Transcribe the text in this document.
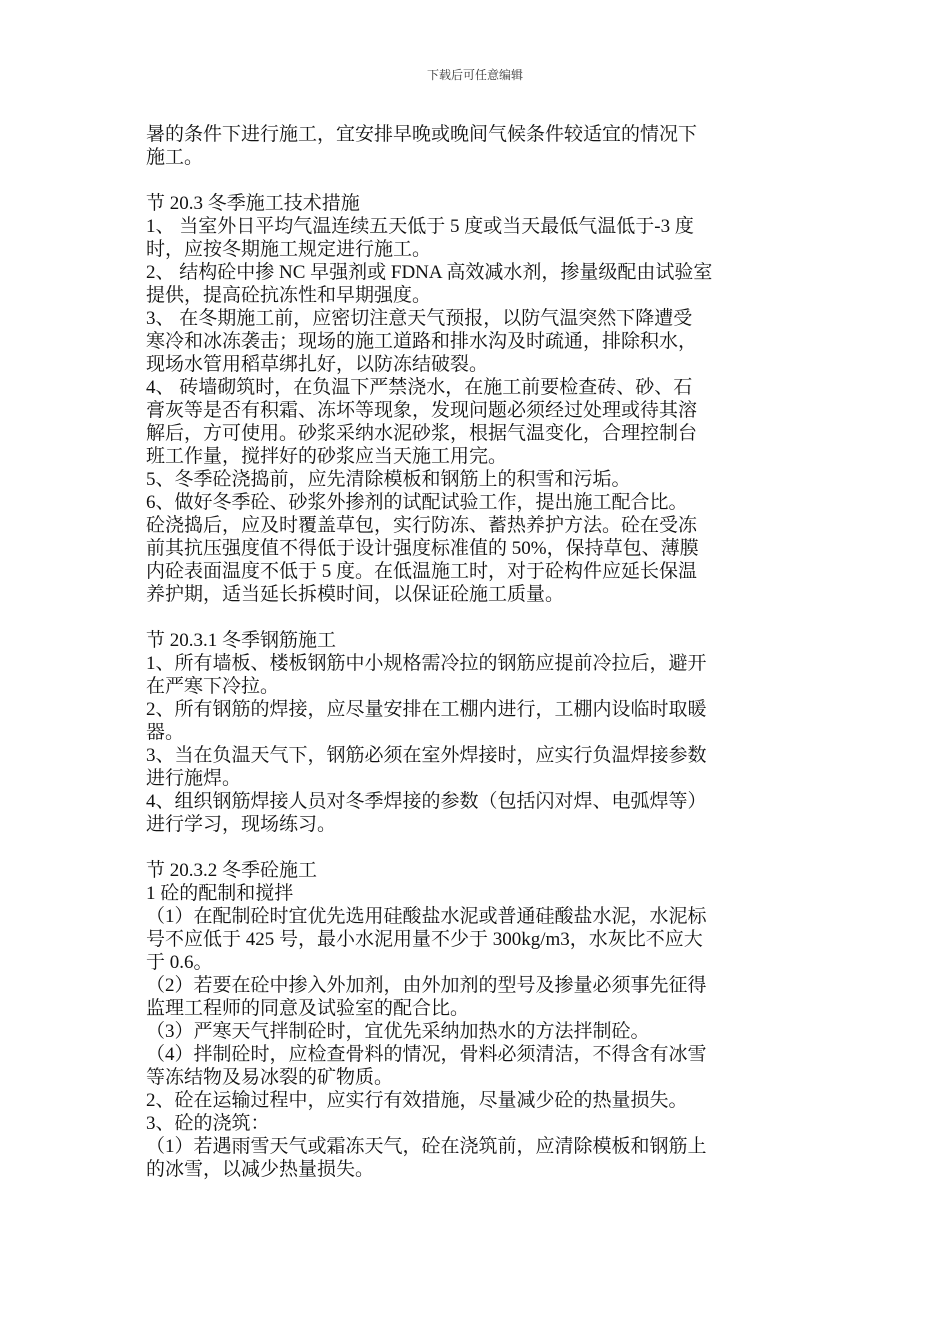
下载后可任意编辑
暑的条件下进行施工，宜安排早晚或晚间气候条件较适宜的情况下
施工。
节 20.3 冬季施工技术措施
1、 当室外日平均气温连续五天低于 5 度或当天最低气温低于-3 度
时，应按冬期施工规定进行施工。
2、 结构砼中掺 NC 早强剂或 FDNA 高效减水剂，掺量级配由试验室
提供，提高砼抗冻性和早期强度。
3、 在冬期施工前，应密切注意天气预报，以防气温突然下降遭受
寒冷和冰冻袭击；现场的施工道路和排水沟及时疏通，排除积水，
现场水管用稻草绑扎好，以防冻结破裂。
4、 砖墙砌筑时，在负温下严禁浇水，在施工前要检查砖、砂、石
膏灰等是否有积霜、冻坏等现象，发现问题必须经过处理或待其溶
解后，方可使用。砂浆采纳水泥砂浆，根据气温变化，合理控制台
班工作量，搅拌好的砂浆应当天施工用完。
5、冬季砼浇捣前，应先清除模板和钢筋上的积雪和污垢。
6、做好冬季砼、砂浆外掺剂的试配试验工作，提出施工配合比。
砼浇捣后，应及时覆盖草包，实行防冻、蓄热养护方法。砼在受冻
前其抗压强度值不得低于设计强度标准值的 50%，保持草包、薄膜
内砼表面温度不低于 5 度。在低温施工时，对于砼构件应延长保温
养护期，适当延长拆模时间，以保证砼施工质量。
节 20.3.1 冬季钢筋施工
1、所有墙板、楼板钢筋中小规格需冷拉的钢筋应提前冷拉后，避开
在严寒下冷拉。
2、所有钢筋的焊接，应尽量安排在工棚内进行，工棚内设临时取暖
器。
3、当在负温天气下，钢筋必须在室外焊接时，应实行负温焊接参数
进行施焊。
4、组织钢筋焊接人员对冬季焊接的参数（包括闪对焊、电弧焊等）
进行学习，现场练习。
节 20.3.2 冬季砼施工
1 砼的配制和搅拌
（1）在配制砼时宜优先选用硅酸盐水泥或普通硅酸盐水泥，水泥标
号不应低于 425 号，最小水泥用量不少于 300kg/m3，水灰比不应大
于 0.6。
（2）若要在砼中掺入外加剂，由外加剂的型号及掺量必须事先征得
监理工程师的同意及试验室的配合比。
（3）严寒天气拌制砼时，宜优先采纳加热水的方法拌制砼。
（4）拌制砼时，应检查骨料的情况，骨料必须清洁，不得含有冰雪
等冻结物及易冰裂的矿物质。
2、砼在运输过程中，应实行有效措施，尽量减少砼的热量损失。
3、砼的浇筑：
（1）若遇雨雪天气或霜冻天气，砼在浇筑前，应清除模板和钢筋上
的冰雪，以减少热量损失。
